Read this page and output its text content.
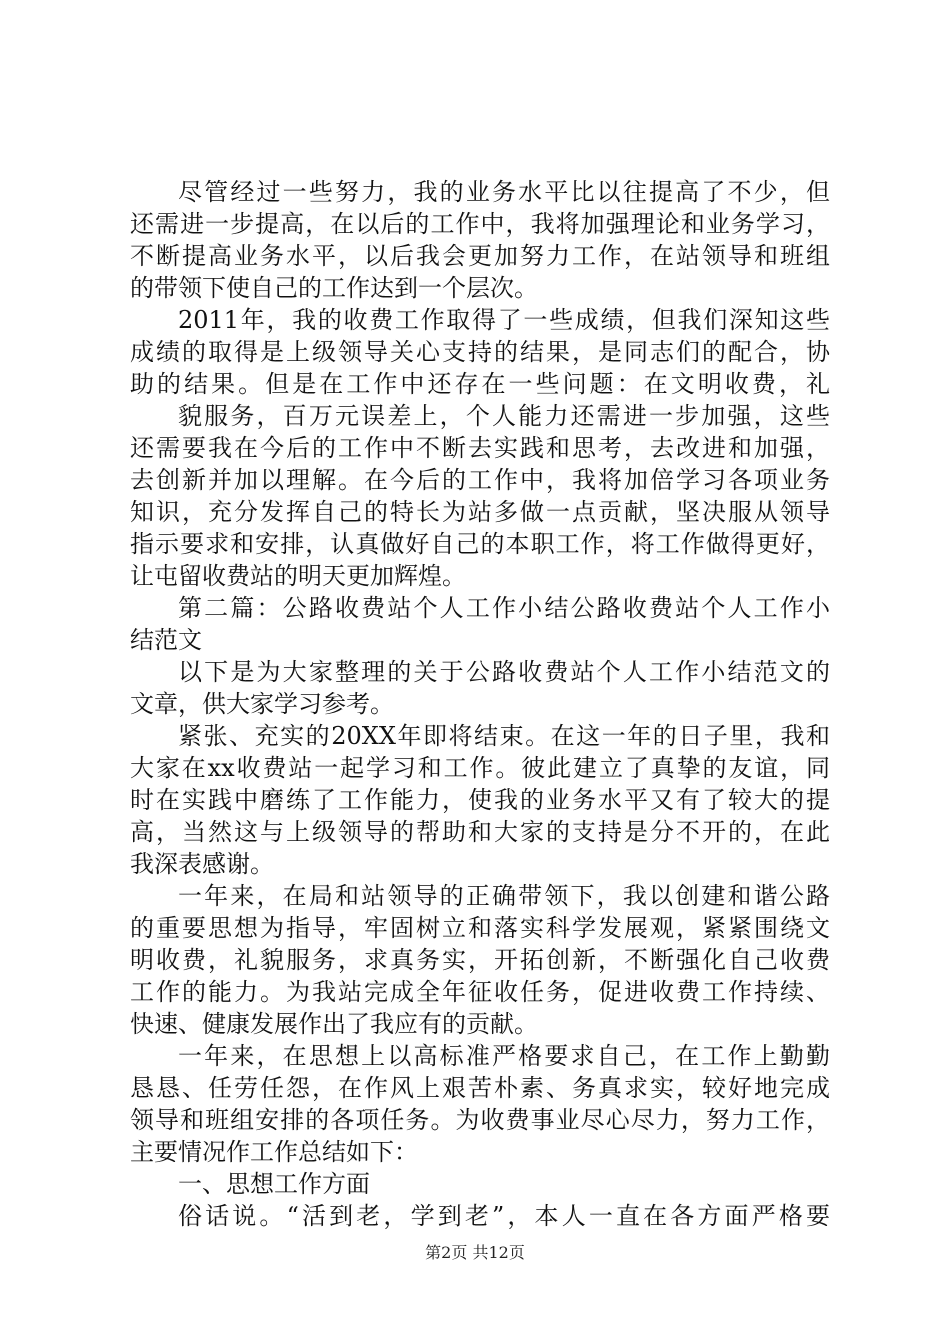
尽管经过一些努力，我的业务水平比以往提高了不少，但
还需进一步提高，在以后的工作中，我将加强理论和业务学习，
不断提高业务水平，以后我会更加努力工作，在站领导和班组
的带领下使自己的工作达到一个层次。
2011年，我的收费工作取得了一些成绩，但我们深知这些
成绩的取得是上级领导关心支持的结果，是同志们的配合，协
助的结果。但是在工作中还存在一些问题：在文明收费，礼
貌服务，百万元误差上，个人能力还需进一步加强，这些
还需要我在今后的工作中不断去实践和思考，去改进和加强，
去创新并加以理解。在今后的工作中，我将加倍学习各项业务
知识，充分发挥自己的特长为站多做一点贡献，坚决服从领导
指示要求和安排，认真做好自己的本职工作，将工作做得更好，
让屯留收费站的明天更加辉煌。
第二篇：公路收费站个人工作小结公路收费站个人工作小
结范文
以下是为大家整理的关于公路收费站个人工作小结范文的
文章，供大家学习参考。
紧张、充实的20XX年即将结束。在这一年的日子里，我和
大家在xx收费站一起学习和工作。彼此建立了真挚的友谊，同
时在实践中磨练了工作能力，使我的业务水平又有了较大的提
高，当然这与上级领导的帮助和大家的支持是分不开的，在此
我深表感谢。
一年来，在局和站领导的正确带领下，我以创建和谐公路
的重要思想为指导，牢固树立和落实科学发展观，紧紧围绕文
明收费，礼貌服务，求真务实，开拓创新，不断强化自己收费
工作的能力。为我站完成全年征收任务，促进收费工作持续、
快速、健康发展作出了我应有的贡献。
一年来，在思想上以高标准严格要求自己，在工作上勤勤
恳恳、任劳任怨，在作风上艰苦朴素、务真求实，较好地完成
领导和班组安排的各项任务。为收费事业尽心尽力，努力工作，
主要情况作工作总结如下：
一、思想工作方面
俗话说。“活到老，学到老”，本人一直在各方面严格要
第2页 共12页
